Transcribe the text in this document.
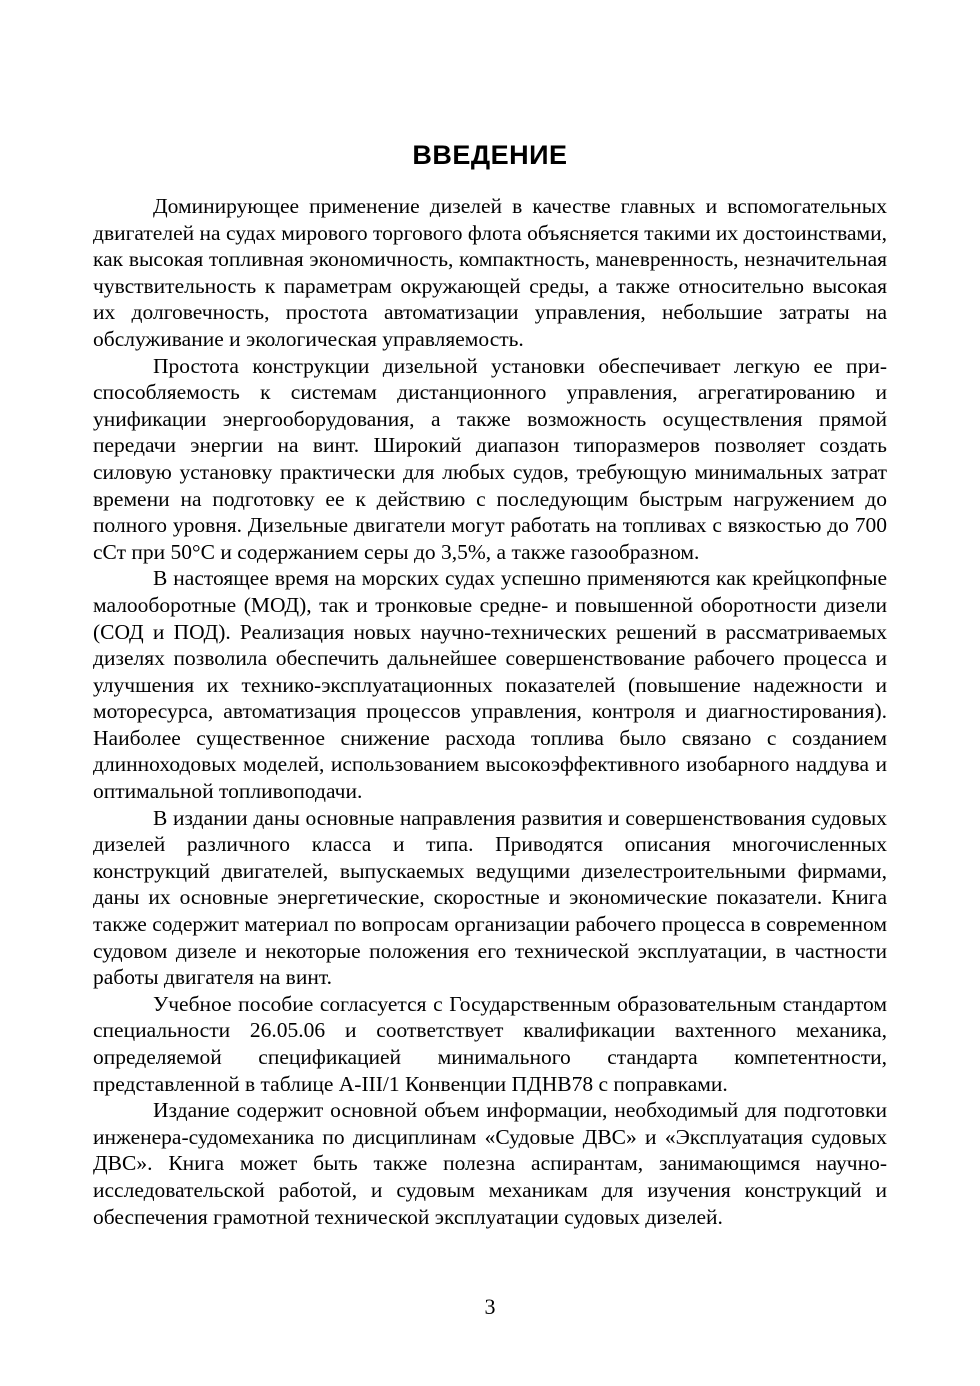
ВВЕДЕНИЕ

Доминирующее применение дизелей в качестве главных и вспомогательных двигателей на судах мирового торгового флота объясняется такими их достоинствами, как высокая топливная экономичность, компактность, маневренность, незначительная чувствительность к параметрам окружающей среды, а также относительно высокая их долговечность, простота автоматизации управления, небольшие затраты на обслуживание и экологическая управляемость.

Простота конструкции дизельной установки обеспечивает легкую ее приспособляемость к системам дистанционного управления, агрегатированию и унификации энергооборудования, а также возможность осуществления прямой передачи энергии на винт. Широкий диапазон типоразмеров позволяет создать силовую установку практически для любых судов, требующую минимальных затрат времени на подготовку ее к действию с последующим быстрым нагружением до полного уровня. Дизельные двигатели могут работать на топливах с вязкостью до 700 сСт при 50°С и содержанием серы до 3,5%, а также газообразном.

В настоящее время на морских судах успешно применяются как крейцкопфные малооборотные (МОД), так и тронковые средне- и повышенной оборотности дизели (СОД и ПОД). Реализация новых научно-технических решений в рассматриваемых дизелях позволила обеспечить дальнейшее совершенствование рабочего процесса и улучшения их технико-эксплуатационных показателей (повышение надежности и моторесурса, автоматизация процессов управления, контроля и диагностирования). Наиболее существенное снижение расхода топлива было связано с созданием длинноходовых моделей, использованием высокоэффективного изобарного наддува и оптимальной топливоподачи.

В издании даны основные направления развития и совершенствования судовых дизелей различного класса и типа. Приводятся описания многочисленных конструкций двигателей, выпускаемых ведущими дизелестроительными фирмами, даны их основные энергетические, скоростные и экономические показатели. Книга также содержит материал по вопросам организации рабочего процесса в современном судовом дизеле и некоторые положения его технической эксплуатации, в частности работы двигателя на винт.

Учебное пособие согласуется с Государственным образовательным стандартом специальности 26.05.06 и соответствует квалификации вахтенного механика, определяемой спецификацией минимального стандарта компетентности, представленной в таблице A-III/1 Конвенции ПДНВ78 с поправками.

Издание содержит основной объем информации, необходимый для подготовки инженера-судомеханика по дисциплинам «Судовые ДВС» и «Эксплуатация судовых ДВС». Книга может быть также полезна аспирантам, занимающимся научно-исследовательской работой, и судовым механикам для изучения конструкций и обеспечения грамотной технической эксплуатации судовых дизелей.

3
